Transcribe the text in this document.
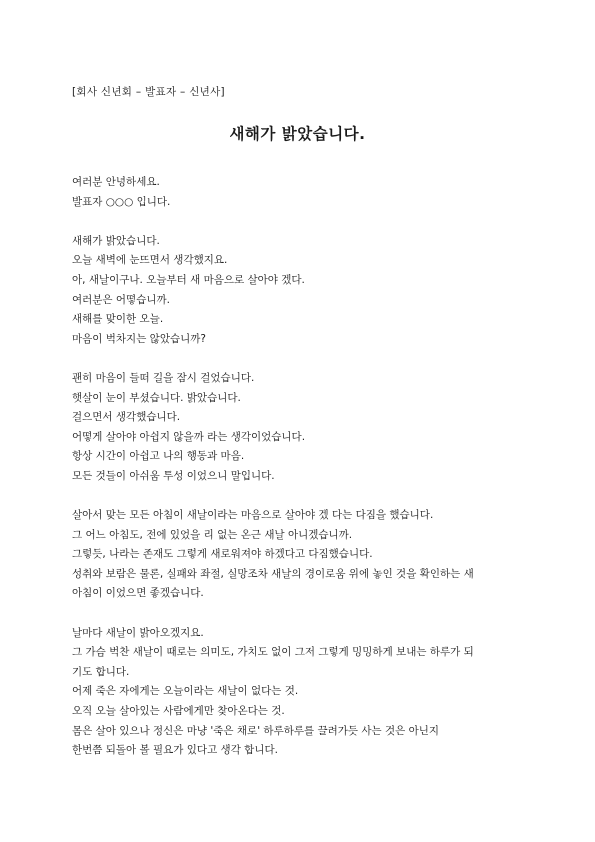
[회사 신년회 – 발표자 – 신년사]
새해가 밝았습니다.
여러분 안녕하세요.
발표자 ○○○ 입니다.
새해가 밝았습니다.
오늘 새벽에 눈뜨면서 생각했지요.
아, 새날이구나. 오늘부터 새 마음으로 살아야 겠다.
여러분은 어떻습니까.
새해를 맞이한 오늘.
마음이 벅차지는 않았습니까?
괜히 마음이 들떠 길을 잠시 걸었습니다.
햇살이 눈이 부셨습니다. 밝았습니다.
걸으면서 생각했습니다.
어떻게 살아야 아쉽지 않을까 라는 생각이었습니다.
항상 시간이 아쉽고 나의 행동과 마음.
모든 것들이 아쉬움 투성 이었으니 말입니다.
살아서 맞는 모든 아침이 새날이라는 마음으로 살아야 겠 다는 다짐을 했습니다.
그 어느 아침도, 전에 있었을 리 없는 온근 새날 아니겠습니까.
그렇듯, 나라는 존재도 그렇게 새로워져야 하겠다고 다짐했습니다.
성취와 보람은 물론, 실패와 좌절, 실망조차 새날의 경이로움 위에 놓인 것을 확인하는 새
아침이 이었으면 좋겠습니다.
날마다 새날이 밝아오겠지요.
그 가슴 벅찬 새날이 때로는 의미도, 가치도 없이 그저 그렇게 밍밍하게 보내는 하루가 되
기도 합니다.
어제 죽은 자에게는 오늘이라는 새날이 없다는 것.
오직 오늘 살아있는 사람에게만 찾아온다는 것.
몸은 살아 있으나 정신은 마냥 '죽은 채로' 하루하루를 끌려가듯 사는 것은 아닌지
한번쯤 되돌아 볼 필요가 있다고 생각 합니다.
